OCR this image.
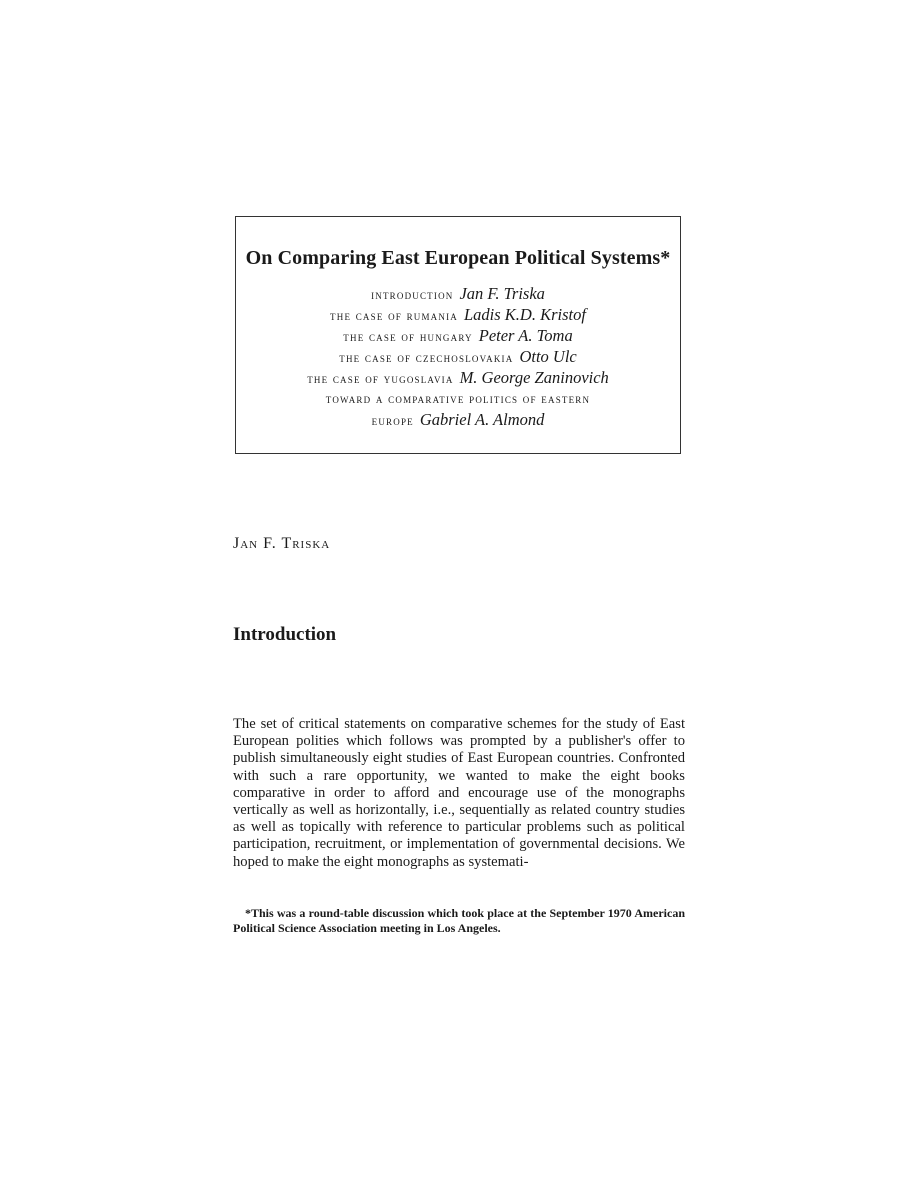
On Comparing East European Political Systems*
introduction Jan F. Triska
the case of rumania Ladis K.D. Kristof
the case of hungary Peter A. Toma
the case of czechoslovakia Otto Ulc
the case of yugoslavia M. George Zaninovich
toward a comparative politics of eastern
europe Gabriel A. Almond
Jan F. Triska
Introduction

The set of critical statements on comparative schemes for the study of East European polities which follows was prompted by a publisher's offer to publish simultaneously eight studies of East European countries. Confronted with such a rare opportunity, we wanted to make the eight books comparative in order to afford and encourage use of the monographs vertically as well as horizontally, i.e., sequentially as related country studies as well as topically with reference to particular problems such as political participation, recruitment, or implementation of governmental decisions. We hoped to make the eight monographs as systemati-

*This was a round-table discussion which took place at the September 1970 American Political Science Association meeting in Los Angeles.
